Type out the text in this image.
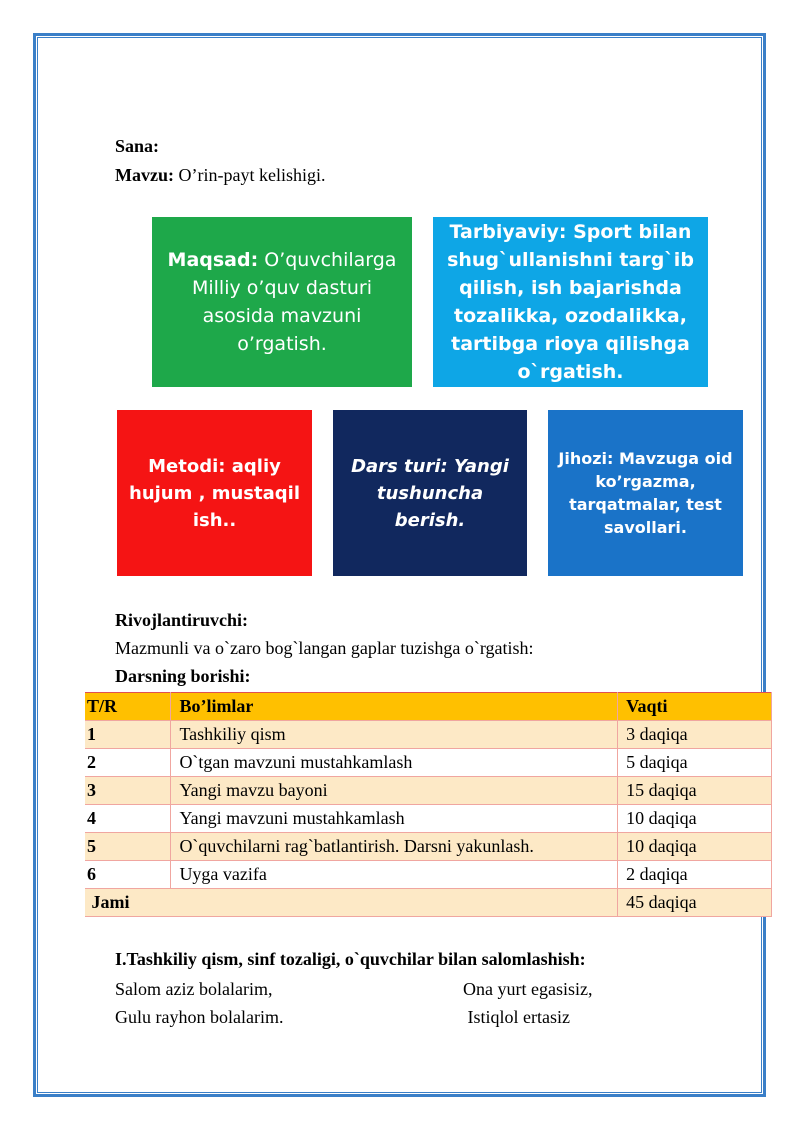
Sana:
Mavzu: O’rin-payt kelishigi.
Maqsad: O’quvchilarga Milliy o’quv dasturi asosida mavzuni o’rgatish.
Tarbiyaviy: Sport bilan shug`ullanishni targ`ib qilish, ish bajarishda tozalikka, ozodalikka, tartibga rioya qilishga o`rgatish.
Metodi: aqliy hujum , mustaqil ish..
Dars turi: Yangi tushuncha berish.
Jihozi: Mavzuga oid ko’rgazma, tarqatmalar, test savollari.
Rivojlantiruvchi:
Mazmunli va o`zaro bog`langan gaplar tuzishga o`rgatish:
Darsning borishi:
T/R	Bo’limlar	Vaqti
1	Tashkiliy qism	3 daqiqa
2	O`tgan mavzuni mustahkamlash	5 daqiqa
3	Yangi mavzu bayoni	15 daqiqa
4	Yangi mavzuni mustahkamlash	10 daqiqa
5	O`quvchilarni rag`batlantirish. Darsni yakunlash.	10 daqiqa
6	Uyga vazifa	2 daqiqa
Jami		45 daqiqa
I.Tashkiliy qism, sinf tozaligi, o`quvchilar bilan salomlashish:
Salom aziz bolalarim,	Ona yurt egasisiz,
Gulu rayhon bolalarim.	Istiqlol ertasiz
